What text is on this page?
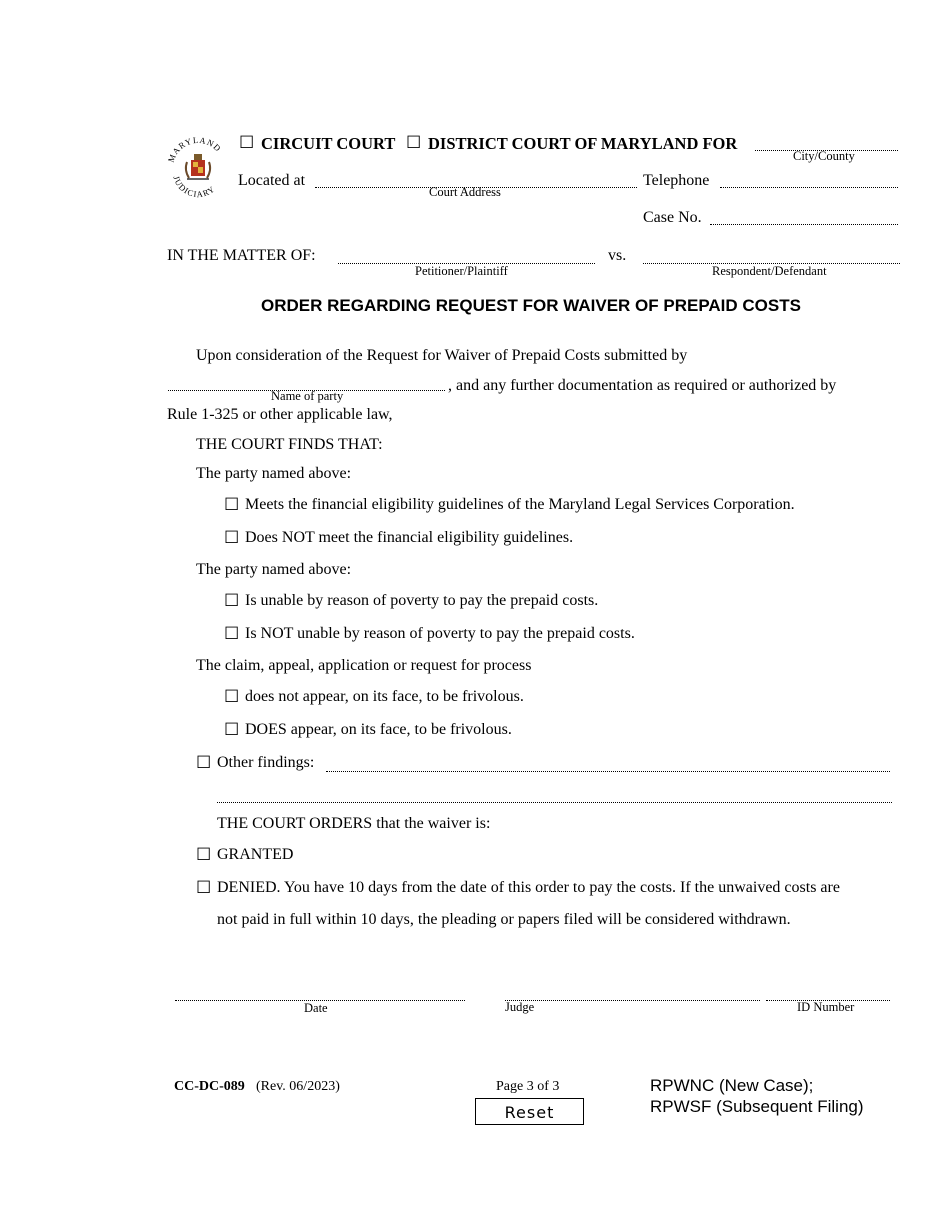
MARYLAND
JUDICIARY
☐ CIRCUIT COURT ☐ DISTRICT COURT OF MARYLAND FOR
City/County
Located at
Court Address
Telephone
Case No.
IN THE MATTER OF:
Petitioner/Plaintiff
vs.
Respondent/Defendant
ORDER REGARDING REQUEST FOR WAIVER OF PREPAID COSTS
Upon consideration of the Request for Waiver of Prepaid Costs submitted by
Name of party
, and any further documentation as required or authorized by
Rule 1-325 or other applicable law,
THE COURT FINDS THAT:
The party named above:
☐ Meets the financial eligibility guidelines of the Maryland Legal Services Corporation.
☐ Does NOT meet the financial eligibility guidelines.
The party named above:
☐ Is unable by reason of poverty to pay the prepaid costs.
☐ Is NOT unable by reason of poverty to pay the prepaid costs.
The claim, appeal, application or request for process
☐ does not appear, on its face, to be frivolous.
☐ DOES appear, on its face, to be frivolous.
☐ Other findings:
THE COURT ORDERS that the waiver is:
☐ GRANTED
☐ DENIED. You have 10 days from the date of this order to pay the costs. If the unwaived costs are
not paid in full within 10 days, the pleading or papers filed will be considered withdrawn.
Date	Judge	ID Number
CC-DC-089 (Rev. 06/2023)	Page 3 of 3
Reset
RPWNC (New Case);
RPWSF (Subsequent Filing)
